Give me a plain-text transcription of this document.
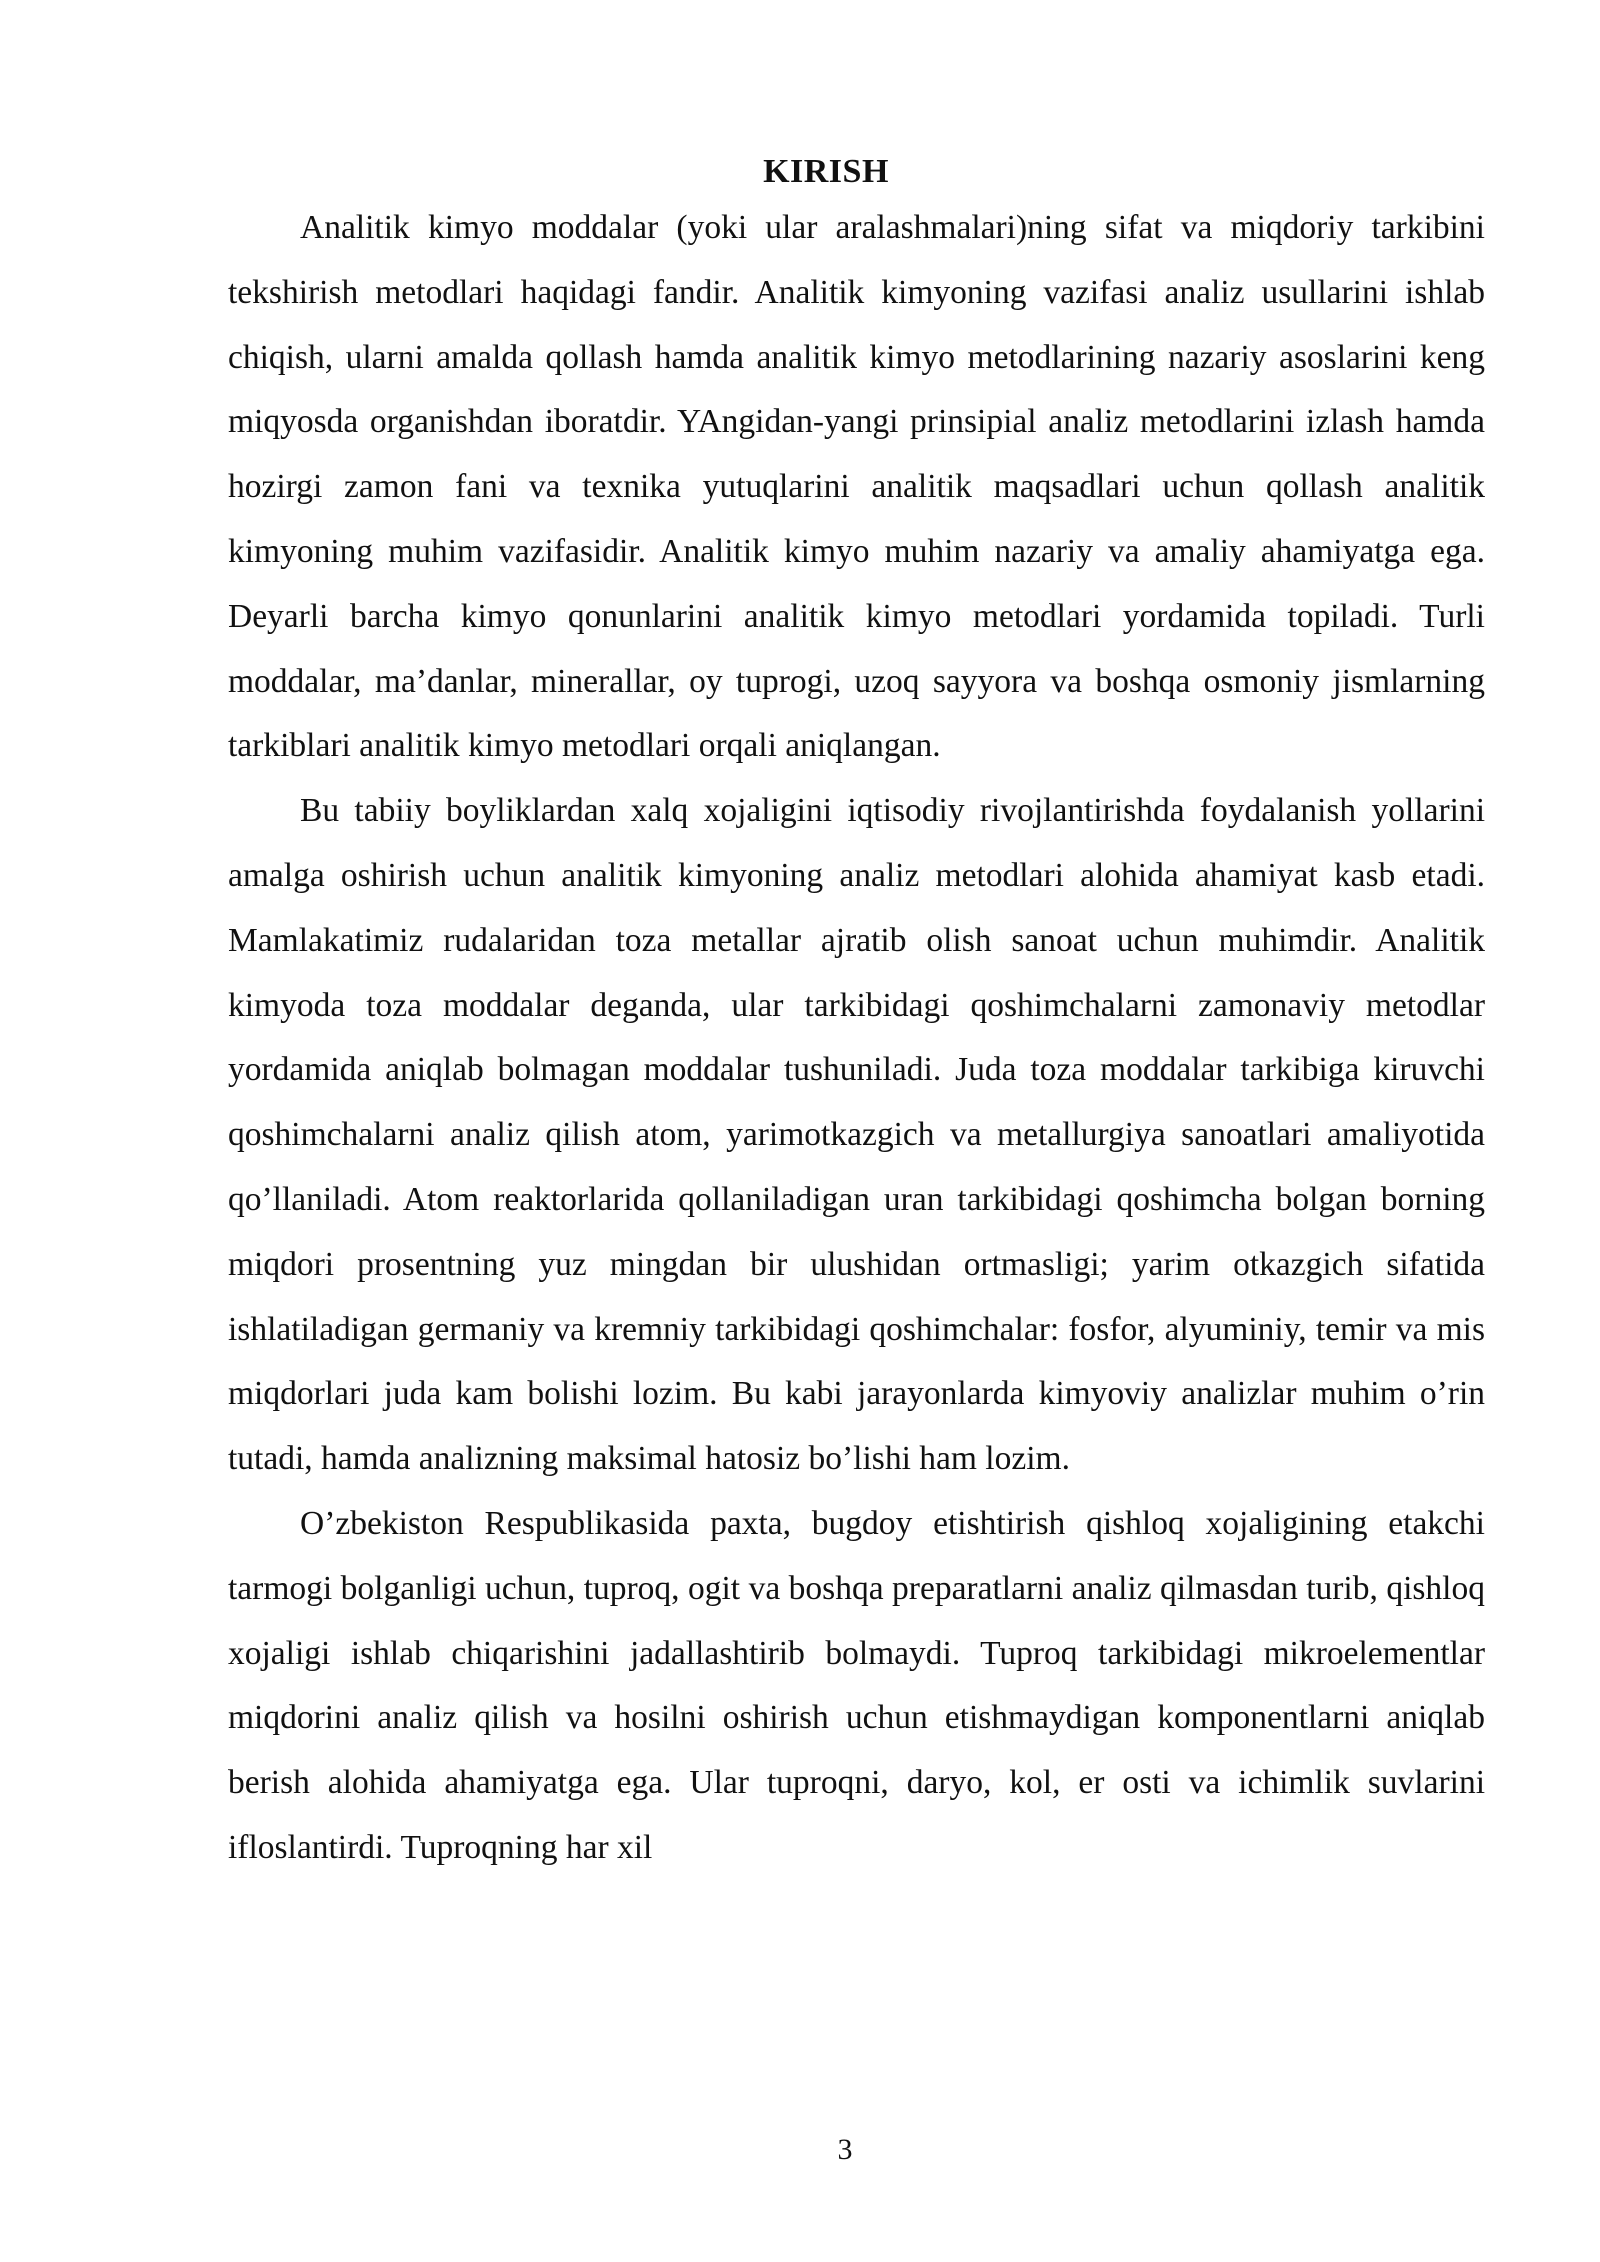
KIRISH

Analitik kimyo moddalar (yoki ular aralashmalari)ning sifat va miqdoriy tarkibini tekshirish metodlari haqidagi fandir. Analitik kimyoning vazifasi analiz usullarini ishlab chiqish, ularni amalda qollash hamda analitik kimyo metodlarining nazariy asoslarini keng miqyosda organishdan iboratdir. YAngidan-yangi prinsipial analiz metodlarini izlash hamda hozirgi zamon fani va texnika yutuqlarini analitik maqsadlari uchun qollash analitik kimyoning muhim vazifasidir. Analitik kimyo muhim nazariy va amaliy ahamiyatga ega. Deyarli barcha kimyo qonunlarini analitik kimyo metodlari yordamida topiladi. Turli moddalar, ma’danlar, minerallar, oy tuprogi, uzoq sayyora va boshqa osmoniy jismlarning tarkiblari analitik kimyo metodlari orqali aniqlangan.

Bu tabiiy boyliklardan xalq xojaligini iqtisodiy rivojlantirishda foydalanish yollarini amalga oshirish uchun analitik kimyoning analiz metodlari alohida ahamiyat kasb etadi. Mamlakatimiz rudalaridan toza metallar ajratib olish sanoat uchun muhimdir. Analitik kimyoda toza moddalar deganda, ular tarkibidagi qoshimchalarni zamonaviy metodlar yordamida aniqlab bolmagan moddalar tushuniladi. Juda toza moddalar tarkibiga kiruvchi qoshimchalarni analiz qilish atom, yarimotkazgich va metallurgiya sanoatlari amaliyotida qo’llaniladi. Atom reaktorlarida qollaniladigan uran tarkibidagi qoshimcha bolgan borning miqdori prosentning yuz mingdan bir ulushidan ortmasligi; yarim otkazgich sifatida ishlatiladigan germaniy va kremniy tarkibidagi qoshimchalar: fosfor, alyuminiy, temir va mis miqdorlari juda kam bolishi lozim. Bu kabi jarayonlarda kimyoviy analizlar muhim o’rin tutadi, hamda analizning maksimal hatosiz bo’lishi ham lozim.

O’zbekiston Respublikasida paxta, bugdoy etishtirish qishloq xojaligining etakchi tarmogi bolganligi uchun, tuproq, ogit va boshqa preparatlarni analiz qilmasdan turib, qishloq xojaligi ishlab chiqarishini jadallashtirib bolmaydi. Tuproq tarkibidagi mikroelementlar miqdorini analiz qilish va hosilni oshirish uchun etishmaydigan komponentlarni aniqlab berish alohida ahamiyatga ega. Ular tuproqni, daryo, kol, er osti va ichimlik suvlarini ifloslantirdi. Tuproqning har xil

3
